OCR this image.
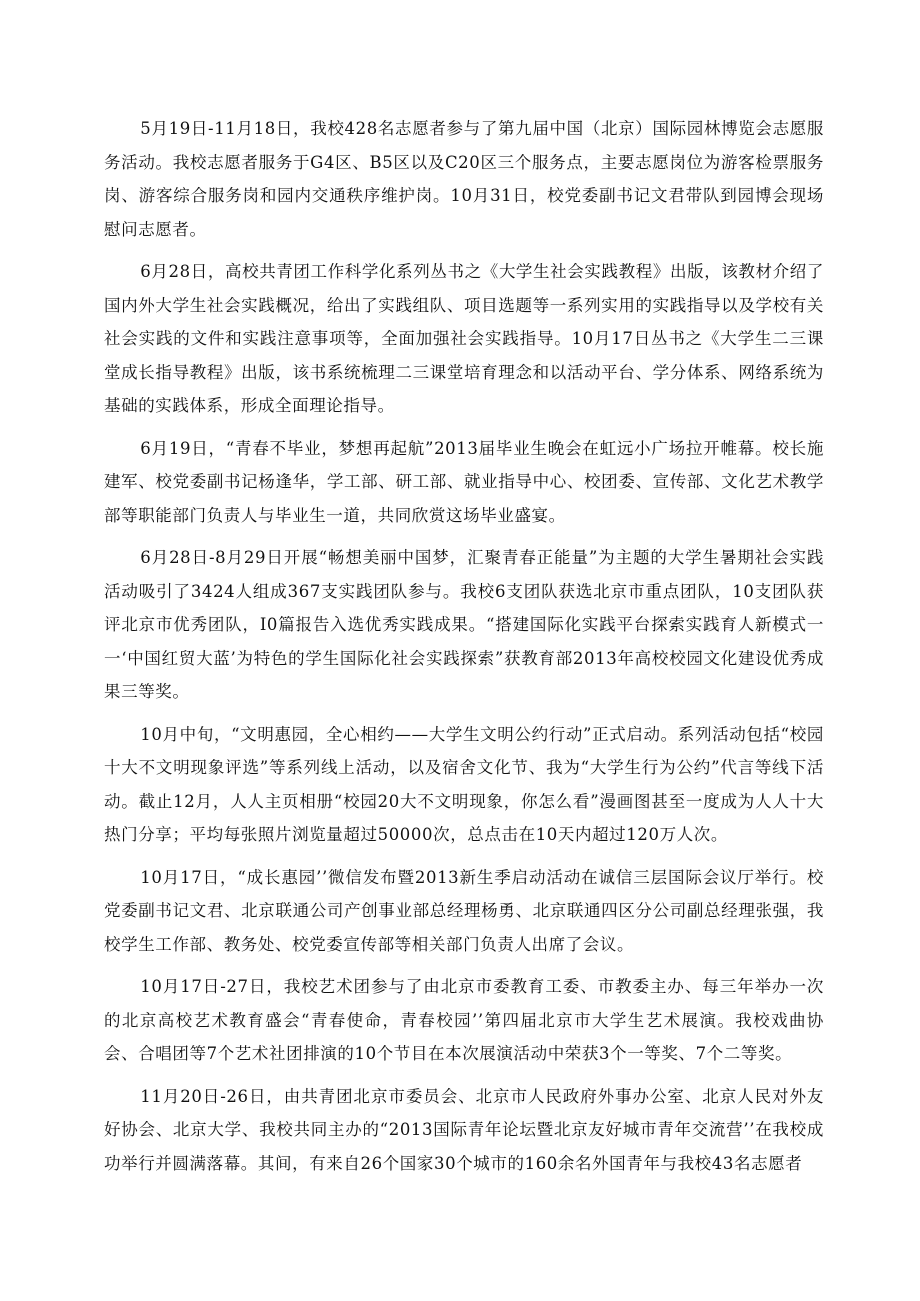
5月19日-11月18日，我校428名志愿者参与了第九届中国（北京）国际园林博览会志愿服务活动。我校志愿者服务于G4区、B5区以及C20区三个服务点，主要志愿岗位为游客检票服务岗、游客综合服务岗和园内交通秩序维护岗。10月31日，校党委副书记文君带队到园博会现场慰问志愿者。

6月28日，高校共青团工作科学化系列丛书之《大学生社会实践教程》出版，该教材介绍了国内外大学生社会实践概况，给出了实践组队、项目选题等一系列实用的实践指导以及学校有关社会实践的文件和实践注意事项等，全面加强社会实践指导。10月17日丛书之《大学生二三课堂成长指导教程》出版，该书系统梳理二三课堂培育理念和以活动平台、学分体系、网络系统为基础的实践体系，形成全面理论指导。

6月19日，“青春不毕业，梦想再起航”2013届毕业生晚会在虹远小广场拉开帷幕。校长施建军、校党委副书记杨逢华，学工部、研工部、就业指导中心、校团委、宣传部、文化艺术教学部等职能部门负责人与毕业生一道，共同欣赏这场毕业盛宴。

6月28日-8月29日开展“畅想美丽中国梦，汇聚青春正能量”为主题的大学生暑期社会实践活动吸引了3424人组成367支实践团队参与。我校6支团队获选北京市重点团队，10支团队获评北京市优秀团队，I0篇报告入选优秀实践成果。“搭建国际化实践平台探索实践育人新模式一一‘中国红贸大蓝’为特色的学生国际化社会实践探索”获教育部2013年高校校园文化建设优秀成果三等奖。

10月中旬，“文明惠园，全心相约——大学生文明公约行动”正式启动。系列活动包括“校园十大不文明现象评选”等系列线上活动，以及宿舍文化节、我为“大学生行为公约”代言等线下活动。截止12月，人人主页相册“校园20大不文明现象，你怎么看”漫画图甚至一度成为人人十大热门分享；平均每张照片浏览量超过50000次，总点击在10天内超过120万人次。

10月17日，“成长惠园’’微信发布暨2013新生季启动活动在诚信三层国际会议厅举行。校党委副书记文君、北京联通公司产创事业部总经理杨勇、北京联通四区分公司副总经理张强，我校学生工作部、教务处、校党委宣传部等相关部门负责人出席了会议。

10月17日-27日，我校艺术团参与了由北京市委教育工委、市教委主办、每三年举办一次的北京高校艺术教育盛会“青春使命，青春校园’’第四届北京市大学生艺术展演。我校戏曲协会、合唱团等7个艺术社团排演的10个节目在本次展演活动中荣获3个一等奖、7个二等奖。

11月20日-26日，由共青团北京市委员会、北京市人民政府外事办公室、北京人民对外友好协会、北京大学、我校共同主办的“2013国际青年论坛暨北京友好城市青年交流营’’在我校成功举行并圆满落幕。其间，有来自26个国家30个城市的160余名外国青年与我校43名志愿者
